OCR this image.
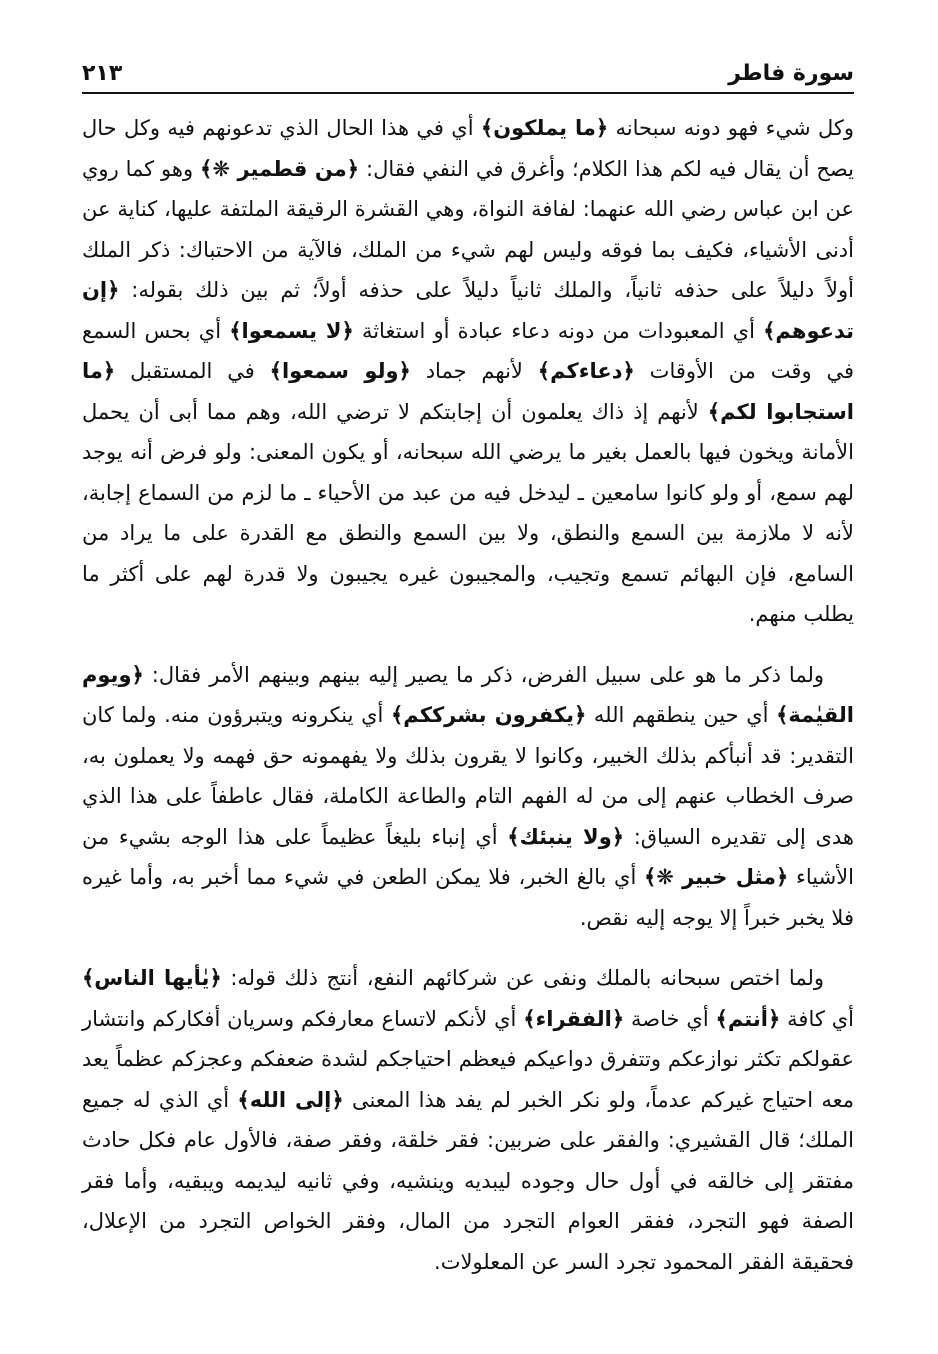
سورة فاطر
٢١٣

وكل شيء فهو دونه سبحانه ﴿ما يملكون﴾ أي في هذا الحال الذي تدعونهم فيه وكل حال يصح أن يقال فيه لكم هذا الكلام؛ وأغرق في النفي فقال: ﴿من قطمير ❋﴾ وهو كما روي عن ابن عباس رضي الله عنهما: لفافة النواة، وهي القشرة الرقيقة الملتفة عليها، كناية عن أدنى الأشياء، فكيف بما فوقه وليس لهم شيء من الملك، فالآية من الاحتباك: ذكر الملك أولاً دليلاً على حذفه ثانياً، والملك ثانياً دليلاً على حذفه أولاً؛ ثم بين ذلك بقوله: ﴿إن تدعوهم﴾ أي المعبودات من دونه دعاء عبادة أو استغاثة ﴿لا يسمعوا﴾ أي بحس السمع في وقت من الأوقات ﴿دعاءكم﴾ لأنهم جماد ﴿ولو سمعوا﴾ في المستقبل ﴿ما استجابوا لكم﴾ لأنهم إذ ذاك يعلمون أن إجابتكم لا ترضي الله، وهم مما أبى أن يحمل الأمانة ويخون فيها بالعمل بغير ما يرضي الله سبحانه، أو يكون المعنى: ولو فرض أنه يوجد لهم سمع، أو ولو كانوا سامعين ـ ليدخل فيه من عبد من الأحياء ـ ما لزم من السماع إجابة، لأنه لا ملازمة بين السمع والنطق، ولا بين السمع والنطق مع القدرة على ما يراد من السامع، فإن البهائم تسمع وتجيب، والمجيبون غيره يجيبون ولا قدرة لهم على أكثر ما يطلب منهم.

ولما ذكر ما هو على سبيل الفرض، ذكر ما يصير إليه بينهم وبينهم الأمر فقال: ﴿ويوم القيٰمة﴾ أي حين ينطقهم الله ﴿يكفرون بشرككم﴾ أي ينكرونه ويتبرؤون منه. ولما كان التقدير: قد أنبأكم بذلك الخبير، وكانوا لا يقرون بذلك ولا يفهمونه حق فهمه ولا يعملون به، صرف الخطاب عنهم إلى من له الفهم التام والطاعة الكاملة، فقال عاطفاً على هذا الذي هدى إلى تقديره السياق: ﴿ولا ينبئك﴾ أي إنباء بليغاً عظيماً على هذا الوجه بشيء من الأشياء ﴿مثل خبير ❋﴾ أي بالغ الخبر، فلا يمكن الطعن في شيء مما أخبر به، وأما غيره فلا يخبر خبراً إلا يوجه إليه نقص.

ولما اختص سبحانه بالملك ونفى عن شركائهم النفع، أنتج ذلك قوله: ﴿يٰأيها الناس﴾ أي كافة ﴿أنتم﴾ أي خاصة ﴿الفقراء﴾ أي لأنكم لاتساع معارفكم وسريان أفكاركم وانتشار عقولكم تكثر نوازعكم وتتفرق دواعيكم فيعظم احتياجكم لشدة ضعفكم وعجزكم عظماً يعد معه احتياج غيركم عدماً، ولو نكر الخبر لم يفد هذا المعنى ﴿إلى الله﴾ أي الذي له جميع الملك؛ قال القشيري: والفقر على ضربين: فقر خلقة، وفقر صفة، فالأول عام فكل حادث مفتقر إلى خالقه في أول حال وجوده ليبديه وينشيه، وفي ثانيه ليديمه ويبقيه، وأما فقر الصفة فهو التجرد، ففقر العوام التجرد من المال، وفقر الخواص التجرد من الإعلال، فحقيقة الفقر المحمود تجرد السر عن المعلولات.
